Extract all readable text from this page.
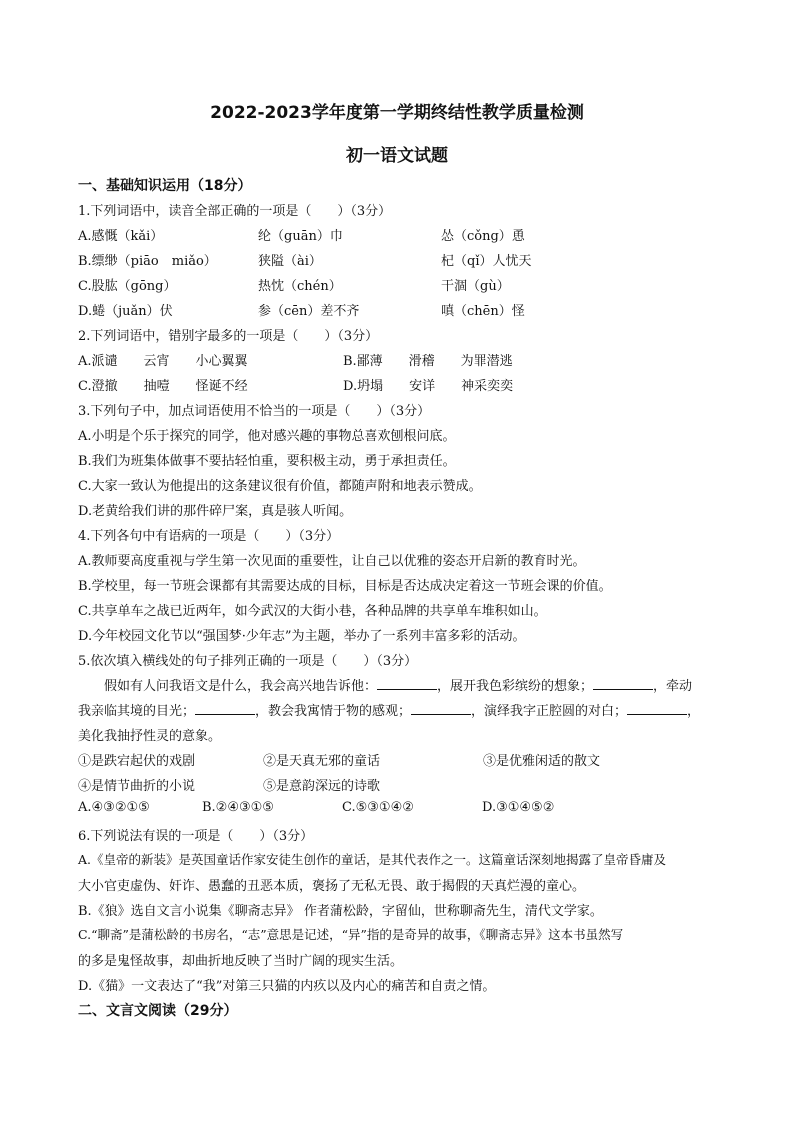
2022-2023学年度第一学期终结性教学质量检测
初一语文试题
一、基础知识运用（18分）
1.下列词语中，读音全部正确的一项是（　　）（3分）
A.感慨（kǎi）	纶（guān）巾	怂（cǒng）恿
B.缥缈（piāo　miǎo）	狭隘（ài）	杞（qǐ）人忧天
C.股肱（gōng）	热忱（chén）	干涸（gù）
D.蜷（juǎn）伏	参（cēn）差不齐	嗔（chēn）怪
2.下列词语中，错别字最多的一项是（　　）（3分）
A.派谴　　云宵　　小心翼翼	B.鄙薄　　滑稽　　为罪潜逃
C.澄撤　　抽噎　　怪诞不经	D.坍塌　　安详　　神采奕奕
3.下列句子中，加点词语使用不恰当的一项是（　　）（3分）
A.小明是个乐于探究的同学，他对感兴趣的事物总喜欢刨根问底。
B.我们为班集体做事不要拈轻怕重，要积极主动，勇于承担责任。
C.大家一致认为他提出的这条建议很有价值，都随声附和地表示赞成。
D.老黄给我们讲的那件碎尸案，真是骇人听闻。
4.下列各句中有语病的一项是（　　）（3分）
A.教师要高度重视与学生第一次见面的重要性，让自己以优雅的姿态开启新的教育时光。
B.学校里，每一节班会课都有其需要达成的目标，目标是否达成决定着这一节班会课的价值。
C.共享单车之战已近两年，如今武汉的大街小巷，各种品牌的共享单车堆积如山。
D.今年校园文化节以“强国梦·少年志”为主题，举办了一系列丰富多彩的活动。
5.依次填入横线处的句子排列正确的一项是（　　）（3分）
假如有人问我语文是什么，我会高兴地告诉他：	，展开我色彩缤纷的想象；	，牵动
我亲临其境的目光；	，教会我寓情于物的感观；	，演绎我字正腔圆的对白；	，
美化我抽抒性灵的意象。
①是跌宕起伏的戏剧	②是天真无邪的童话	③是优雅闲适的散文
④是情节曲折的小说	⑤是意韵深远的诗歌
A.④③②①⑤	B.②④③①⑤	C.⑤③①④②	D.③①④⑤②
6.下列说法有误的一项是（　　）（3分）
A.《皇帝的新装》是英国童话作家安徒生创作的童话，是其代表作之一。这篇童话深刻地揭露了皇帝昏庸及
大小官吏虚伪、奸诈、愚蠢的丑恶本质，褒扬了无私无畏、敢于揭假的天真烂漫的童心。
B.《狼》选自文言小说集《聊斋志异》 作者蒲松龄，字留仙，世称聊斋先生，清代文学家。
C.“聊斋”是蒲松龄的书房名，“志”意思是记述，“异”指的是奇异的故事，《聊斋志异》这本书虽然写
的多是鬼怪故事，却曲折地反映了当时广阔的现实生活。
D.《猫》一文表达了“我”对第三只猫的内疚以及内心的痛苦和自责之情。
二、文言文阅读（29分）
